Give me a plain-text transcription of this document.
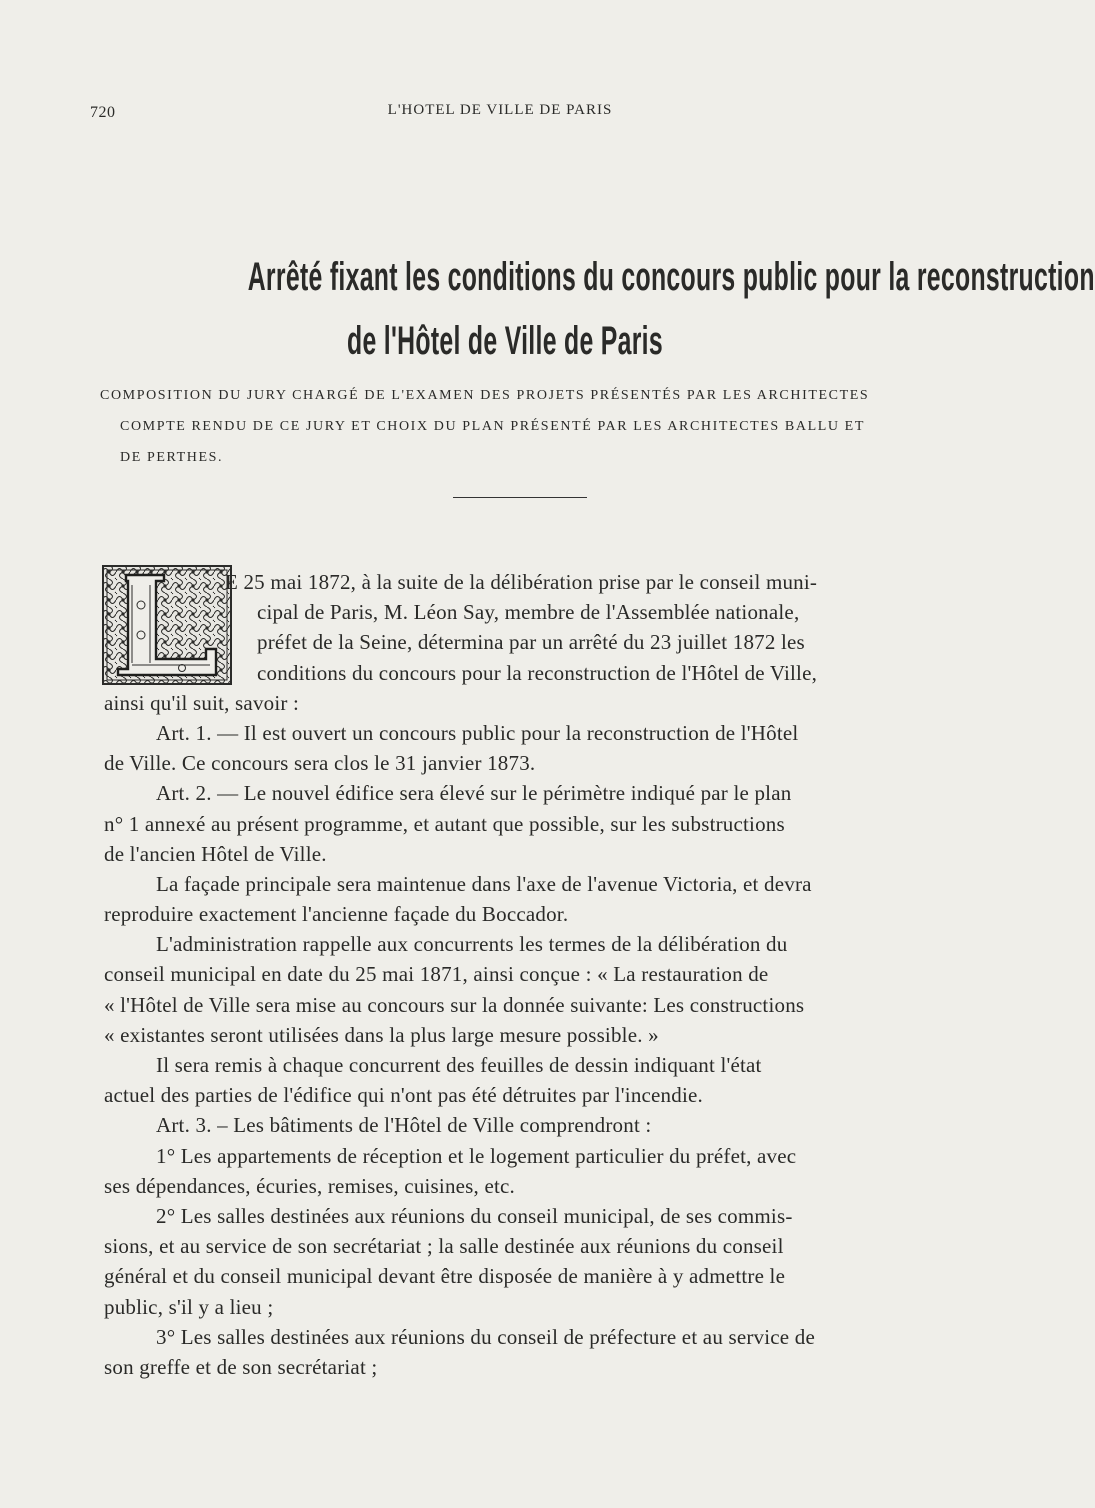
720	L'HOTEL DE VILLE DE PARIS
Arrêté fixant les conditions du concours public pour la reconstruction
de l'Hôtel de Ville de Paris
COMPOSITION DU JURY CHARGÉ DE L'EXAMEN DES PROJETS PRÉSENTÉS PAR LES ARCHITECTES
COMPTE RENDU DE CE JURY ET CHOIX DU PLAN PRÉSENTÉ PAR LES ARCHITECTES BALLU ET
DE PERTHES.
E 25 mai 1872, à la suite de la délibération prise par le conseil muni-
cipal de Paris, M. Léon Say, membre de l'Assemblée nationale,
préfet de la Seine, détermina par un arrêté du 23 juillet 1872 les
conditions du concours pour la reconstruction de l'Hôtel de Ville,
ainsi qu'il suit, savoir :
Art. 1. — Il est ouvert un concours public pour la reconstruction de l'Hôtel
de Ville. Ce concours sera clos le 31 janvier 1873.
Art. 2. — Le nouvel édifice sera élevé sur le périmètre indiqué par le plan
n° 1 annexé au présent programme, et autant que possible, sur les substructions
de l'ancien Hôtel de Ville.
La façade principale sera maintenue dans l'axe de l'avenue Victoria, et devra
reproduire exactement l'ancienne façade du Boccador.
L'administration rappelle aux concurrents les termes de la délibération du
conseil municipal en date du 25 mai 1871, ainsi conçue : « La restauration de
« l'Hôtel de Ville sera mise au concours sur la donnée suivante: Les constructions
« existantes seront utilisées dans la plus large mesure possible. »
Il sera remis à chaque concurrent des feuilles de dessin indiquant l'état
actuel des parties de l'édifice qui n'ont pas été détruites par l'incendie.
Art. 3. – Les bâtiments de l'Hôtel de Ville comprendront :
1° Les appartements de réception et le logement particulier du préfet, avec
ses dépendances, écuries, remises, cuisines, etc.
2° Les salles destinées aux réunions du conseil municipal, de ses commis-
sions, et au service de son secrétariat ; la salle destinée aux réunions du conseil
général et du conseil municipal devant être disposée de manière à y admettre le
public, s'il y a lieu ;
3° Les salles destinées aux réunions du conseil de préfecture et au service de
son greffe et de son secrétariat ;
